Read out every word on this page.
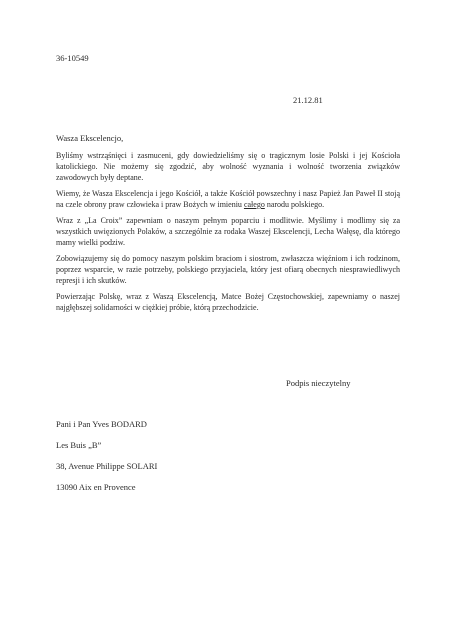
36-10549
21.12.81
Wasza Ekscelencjo,

Byliśmy wstrząśnięci i zasmuceni, gdy dowiedzieliśmy się o tragicznym losie Polski i jej Kościoła katolickiego. Nie możemy się zgodzić, aby wolność wyznania i wolność tworzenia związków zawodowych były deptane.

Wiemy, że Wasza Ekscelencja i jego Kościół, a także Kościół powszechny i nasz Papież Jan Paweł II stoją na czele obrony praw człowieka i praw Bożych w imieniu całego narodu polskiego.

Wraz z „La Croix” zapewniam o naszym pełnym poparciu i modlitwie. Myślimy i modlimy się za wszystkich uwięzionych Polaków, a szczególnie za rodaka Waszej Ekscelencji, Lecha Wałęsę, dla którego mamy wielki podziw.

Zobowiązujemy się do pomocy naszym polskim braciom i siostrom, zwłaszcza więźniom i ich rodzinom, poprzez wsparcie, w razie potrzeby, polskiego przyjaciela, który jest ofiarą obecnych niesprawiedliwych represji i ich skutków.

Powierzając Polskę, wraz z Waszą Ekscelencją, Matce Bożej Częstochowskiej, zapewniamy o naszej najgłębszej solidarności w ciężkiej próbie, którą przechodzicie.

Podpis nieczytelny
Pani i Pan Yves BODARD
Les Buis „B”
38, Avenue Philippe SOLARI
13090 Aix en Provence
